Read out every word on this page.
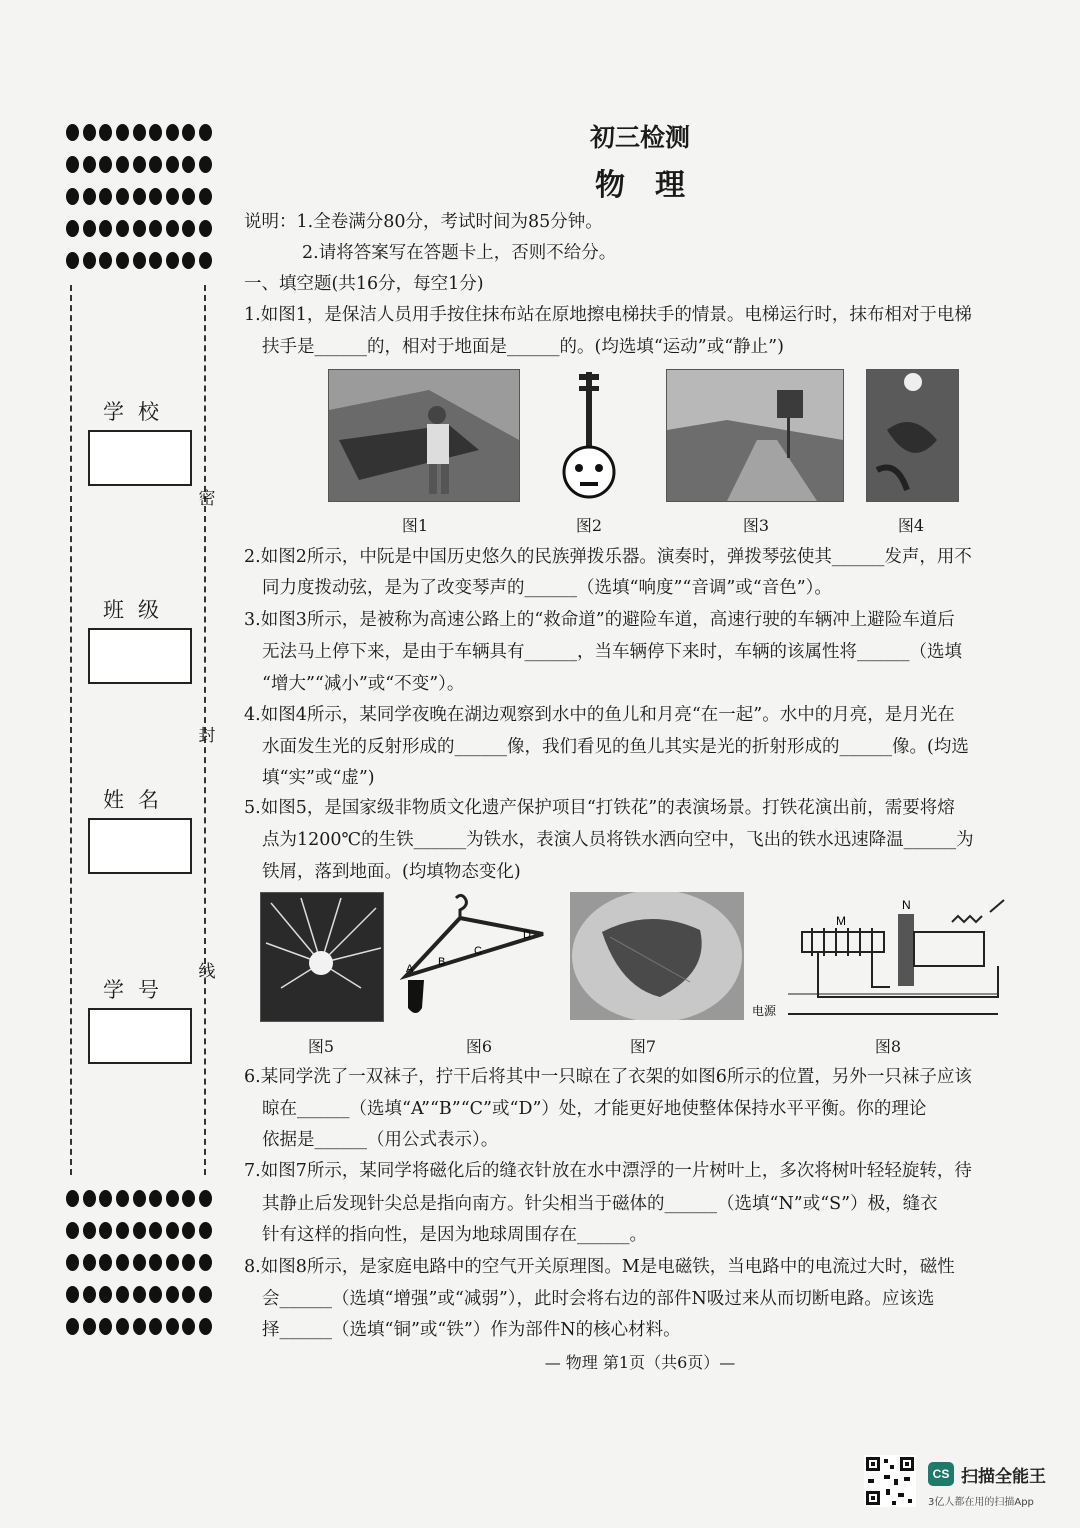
学校
班级
姓名
学号
密
封
线
初三检测
物　理
说明：1.全卷满分80分，考试时间为85分钟。
2.请将答案写在答题卡上，否则不给分。
一、填空题(共16分，每空1分)
1.如图1，是保洁人员用手按住抹布站在原地擦电梯扶手的情景。电梯运行时，抹布相对于电梯
扶手是______的，相对于地面是______的。(均选填“运动”或“静止”)
图1	图2	图3	图4
2.如图2所示，中阮是中国历史悠久的民族弹拨乐器。演奏时，弹拨琴弦使其______发声，用不
同力度拨动弦，是为了改变琴声的______（选填“响度”“音调”或“音色”）。
3.如图3所示，是被称为高速公路上的“救命道”的避险车道，高速行驶的车辆冲上避险车道后
无法马上停下来，是由于车辆具有______，当车辆停下来时，车辆的该属性将______（选填
“增大”“减小”或“不变”）。
4.如图4所示，某同学夜晚在湖边观察到水中的鱼儿和月亮“在一起”。水中的月亮，是月光在
水面发生光的反射形成的______像，我们看见的鱼儿其实是光的折射形成的______像。(均选
填“实”或“虚”)
5.如图5，是国家级非物质文化遗产保护项目“打铁花”的表演场景。打铁花演出前，需要将熔
点为1200℃的生铁______为铁水，表演人员将铁水洒向空中，飞出的铁水迅速降温______为
铁屑，落到地面。(均填物态变化)
A
B
C
D
M
N
电源
图5	图6	图7	图8
6.某同学洗了一双袜子，拧干后将其中一只晾在了衣架的如图6所示的位置，另外一只袜子应该
晾在______（选填“A”“B”“C”或“D”）处，才能更好地使整体保持水平平衡。你的理论
依据是______（用公式表示）。
7.如图7所示，某同学将磁化后的缝衣针放在水中漂浮的一片树叶上，多次将树叶轻轻旋转，待
其静止后发现针尖总是指向南方。针尖相当于磁体的______（选填“N”或“S”）极，缝衣
针有这样的指向性，是因为地球周围存在______。
8.如图8所示，是家庭电路中的空气开关原理图。M是电磁铁，当电路中的电流过大时，磁性
会______（选填“增强”或“减弱”），此时会将右边的部件N吸过来从而切断电路。应该选
择______（选填“铜”或“铁”）作为部件N的核心材料。
— 物理 第1页（共6页）—
CS 扫描全能王
3亿人都在用的扫描App
